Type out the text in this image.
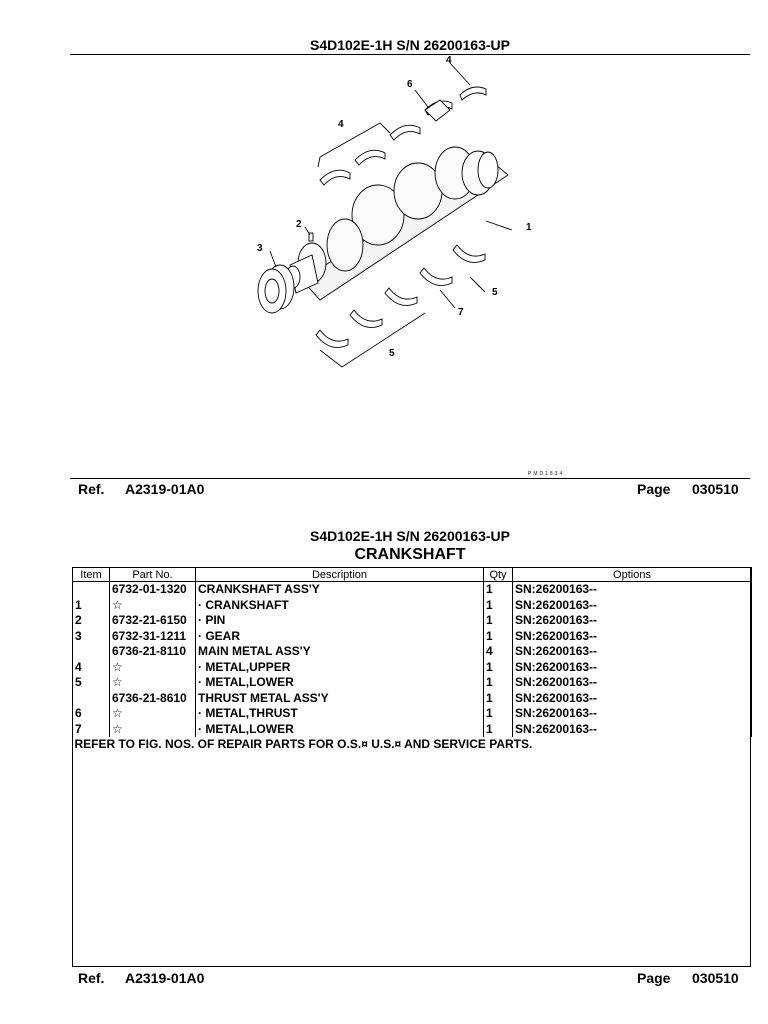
S4D102E-1H S/N 26200163-UP
4
6
4
2
3
1
5
7
5
PMD1834
Ref. A2319-01A0	Page 030510
S4D102E-1H S/N 26200163-UP
CRANKSHAFT
Item	Part No.	Description	Qty	Options
	6732-01-1320	CRANKSHAFT ASS'Y	1	SN:26200163--
1	☆	· CRANKSHAFT	1	SN:26200163--
2	6732-21-6150	· PIN	1	SN:26200163--
3	6732-31-1211	· GEAR	1	SN:26200163--
	6736-21-8110	MAIN METAL ASS'Y	4	SN:26200163--
4	☆	· METAL,UPPER	1	SN:26200163--
5	☆	· METAL,LOWER	1	SN:26200163--
	6736-21-8610	THRUST METAL ASS'Y	1	SN:26200163--
6	☆	· METAL,THRUST	1	SN:26200163--
7	☆	· METAL,LOWER	1	SN:26200163--
REFER TO FIG. NOS. OF REPAIR PARTS FOR O.S.¤ U.S.¤ AND SERVICE PARTS.				
Ref. A2319-01A0	Page 030510
